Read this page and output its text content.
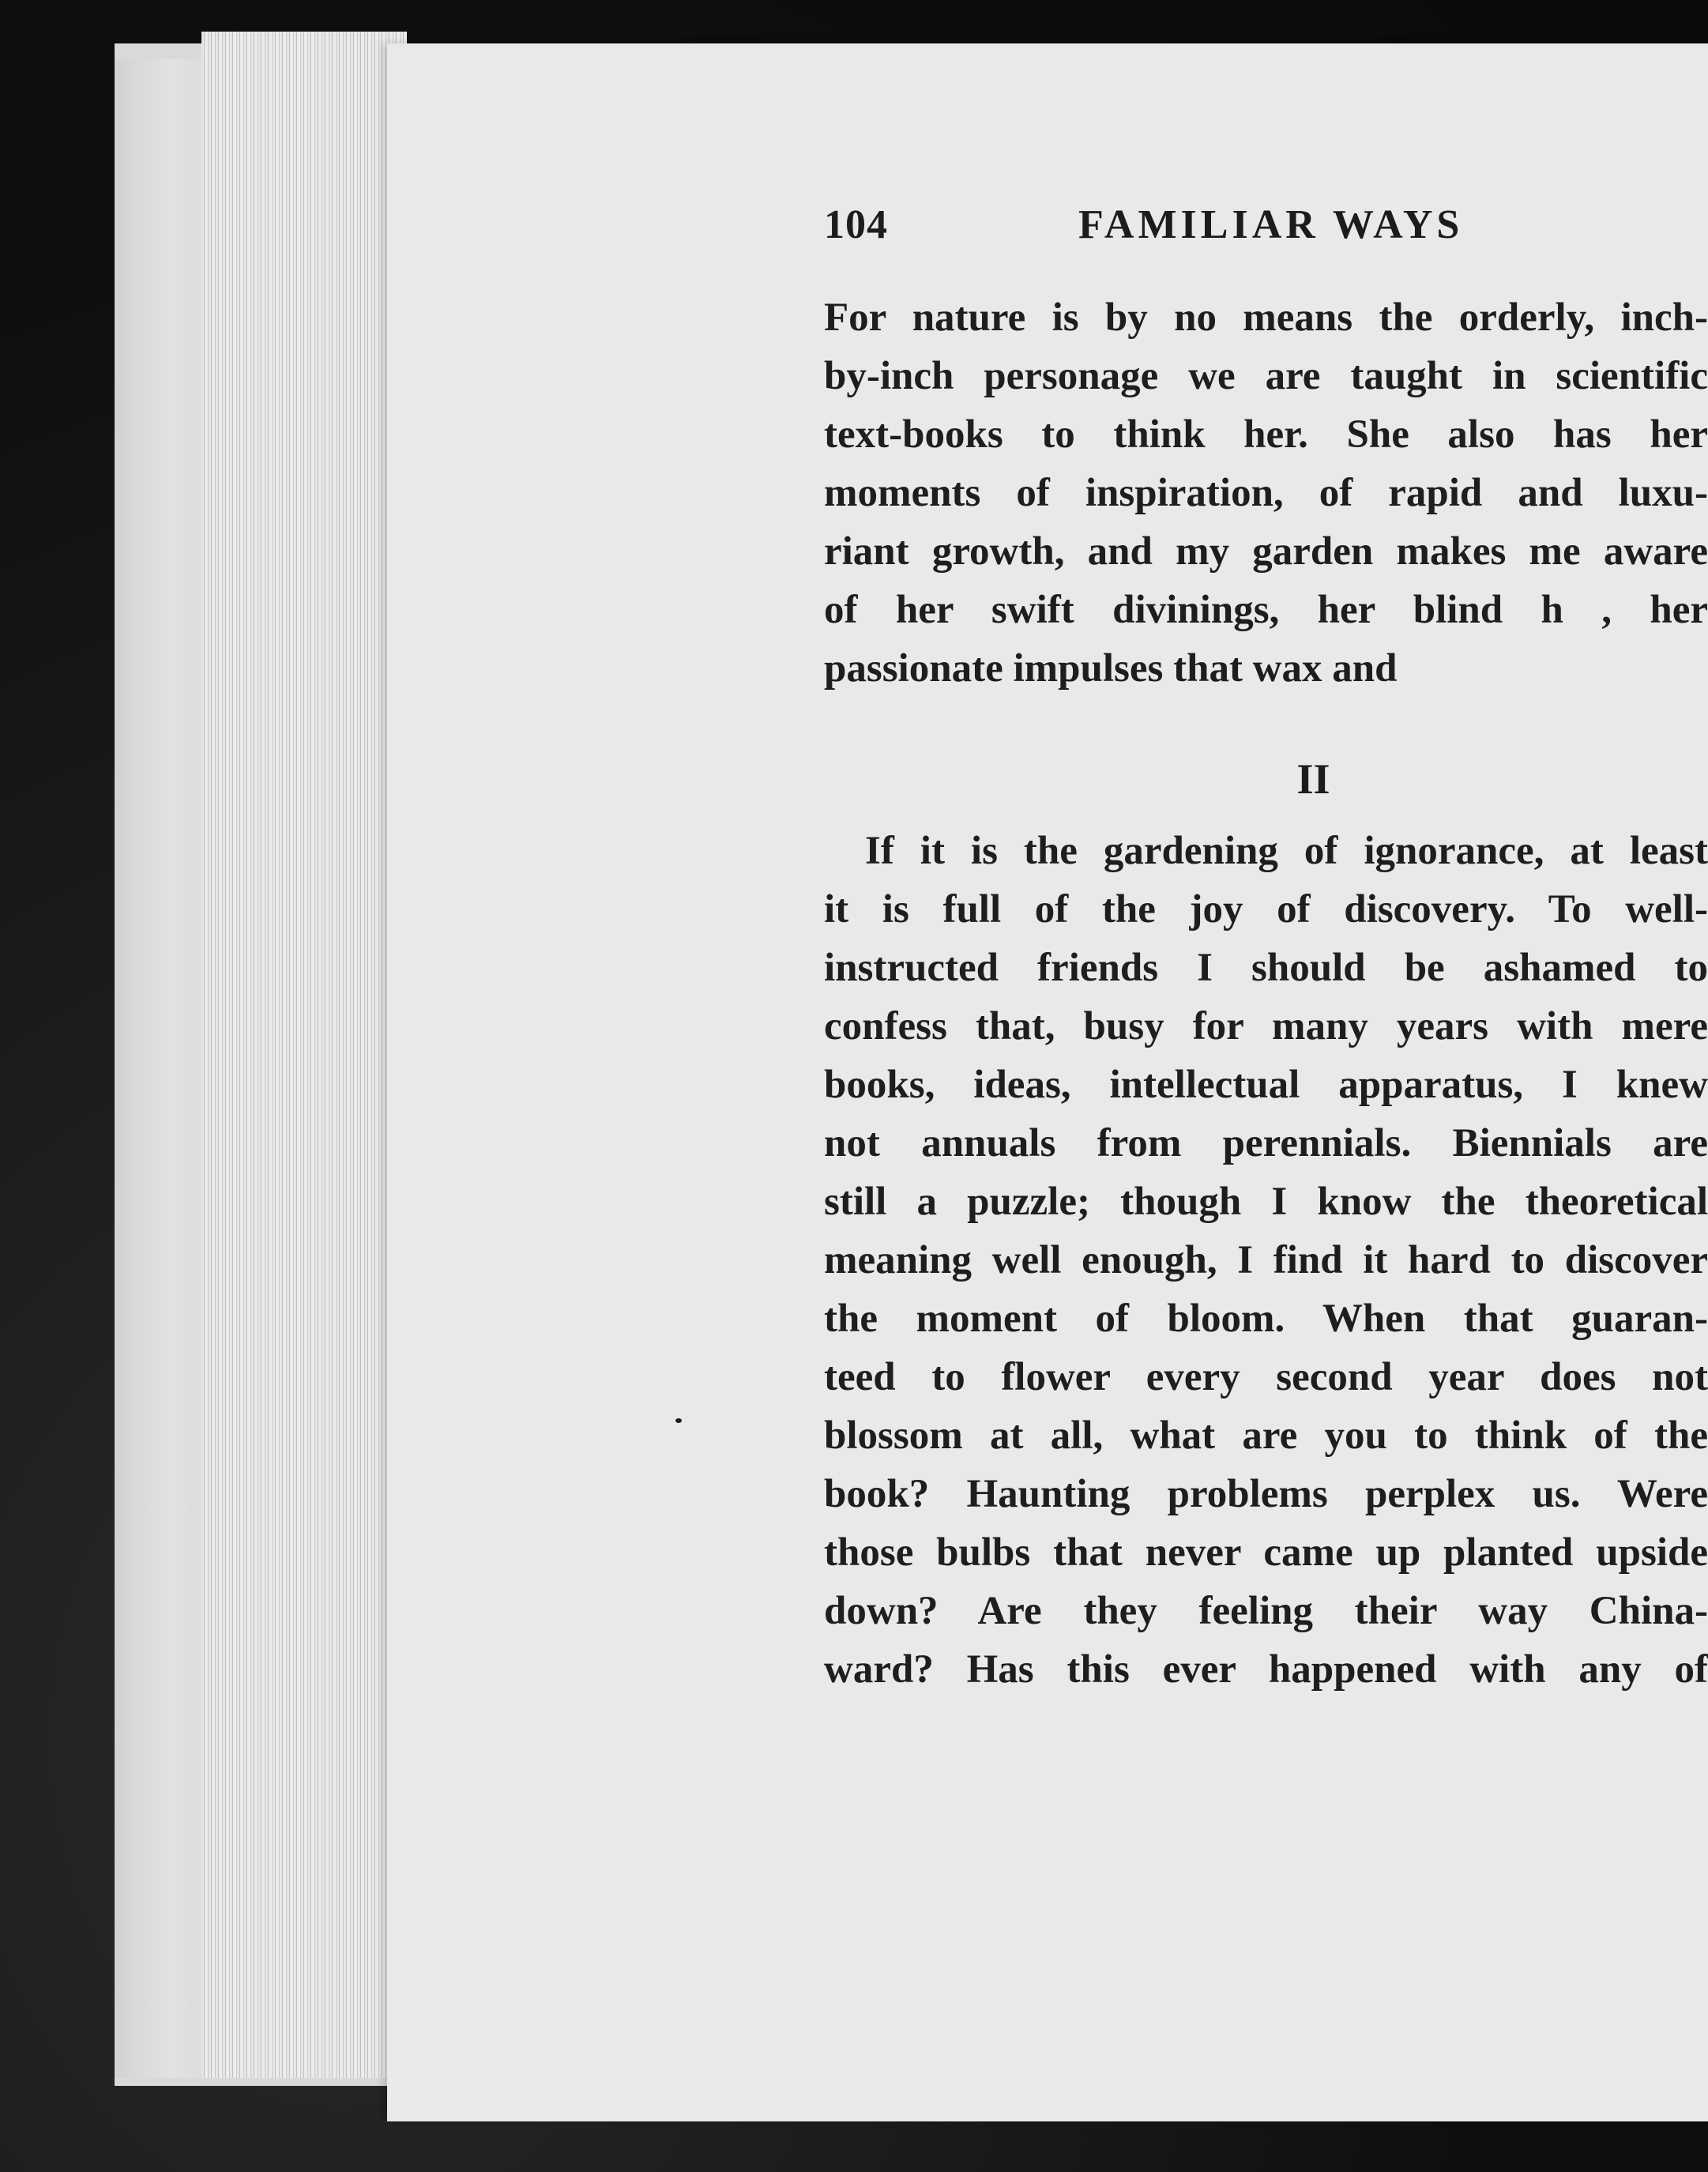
104	FAMILIAR WAYS
For nature is by no means the orderly, inch-
by-inch personage we are taught in scientific
text-books to think her. She also has her
moments of inspiration, of rapid and luxu-
riant growth, and my garden makes me aware
of her swift divinings, her blind h , her
passionate impulses that wax and
II
If it is the gardening of ignorance, at least
it is full of the joy of discovery. To well-
instructed friends I should be ashamed to
confess that, busy for many years with mere
books, ideas, intellectual apparatus, I knew
not annuals from perennials. Biennials are
still a puzzle; though I know the theoretical
meaning well enough, I find it hard to discover
the moment of bloom. When that guaran-
teed to flower every second year does not
blossom at all, what are you to think of the
book? Haunting problems perplex us. Were
those bulbs that never came up planted upside
down? Are they feeling their way China-
ward? Has this ever happened with any of
